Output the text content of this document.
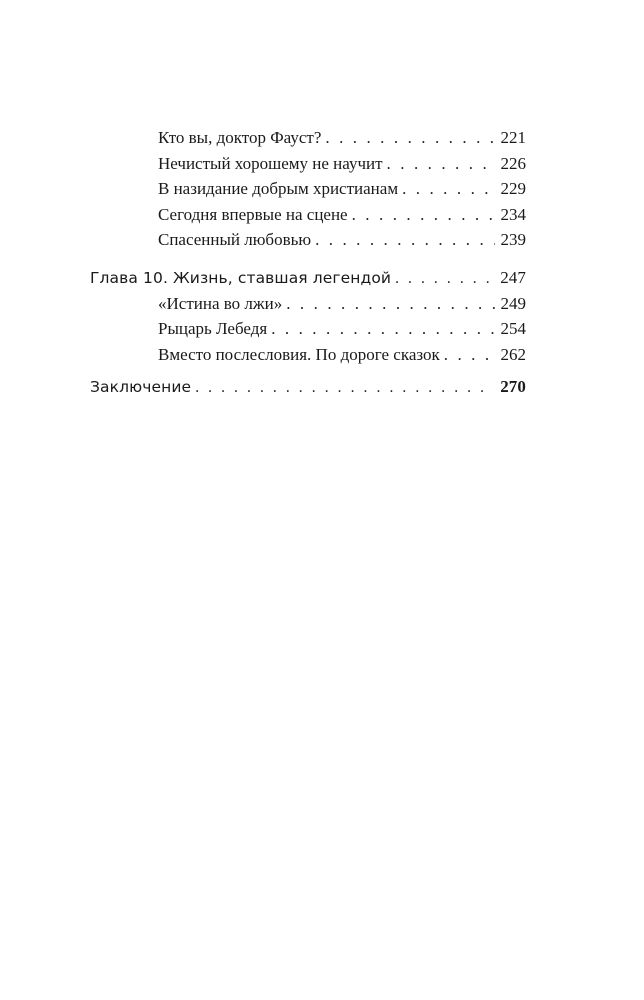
Кто вы, доктор Фауст? . . .	221
Нечистый хорошему не научит . . .	226
В назидание добрым христианам . . .	229
Сегодня впервые на сцене . . .	234
Спасенный любовью . . .	239
Глава 10. Жизнь, ставшая легендой . . .	247
«Истина во лжи» . . .	249
Рыцарь Лебедя . . .	254
Вместо послесловия. По дороге сказок . . .	262
Заключение . . .	270
